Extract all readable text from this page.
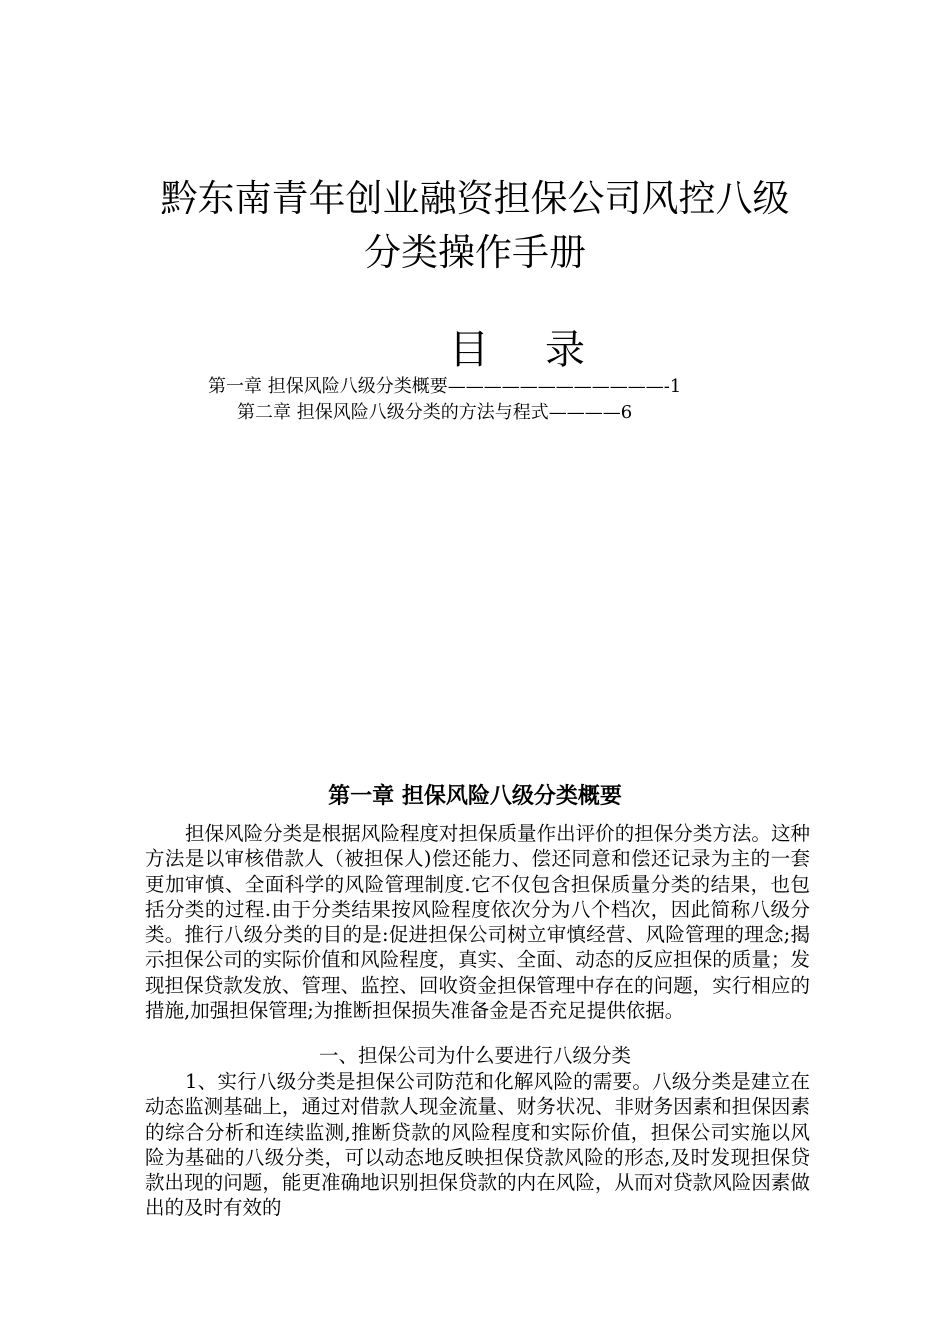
黔东南青年创业融资担保公司风控八级
分类操作手册
目录
第一章 担保风险八级分类概要————————————-1
第二章 担保风险八级分类的方法与程式————6
第一章 担保风险八级分类概要

担保风险分类是根据风险程度对担保质量作出评价的担保分类方法。这种方法是以审核借款人（被担保人)偿还能力、偿还同意和偿还记录为主的一套更加审慎、全面科学的风险管理制度.它不仅包含担保质量分类的结果，也包括分类的过程.由于分类结果按风险程度依次分为八个档次，因此简称八级分类。推行八级分类的目的是:促进担保公司树立审慎经营、风险管理的理念;揭示担保公司的实际价值和风险程度，真实、全面、动态的反应担保的质量；发现担保贷款发放、管理、监控、回收资金担保管理中存在的问题，实行相应的措施,加强担保管理;为推断担保损失准备金是否充足提供依据。

一、担保公司为什么要进行八级分类

1、实行八级分类是担保公司防范和化解风险的需要。八级分类是建立在动态监测基础上，通过对借款人现金流量、财务状况、非财务因素和担保因素的综合分析和连续监测,推断贷款的风险程度和实际价值，担保公司实施以风险为基础的八级分类，可以动态地反映担保贷款风险的形态,及时发现担保贷款出现的问题，能更准确地识别担保贷款的内在风险，从而对贷款风险因素做出的及时有效的
